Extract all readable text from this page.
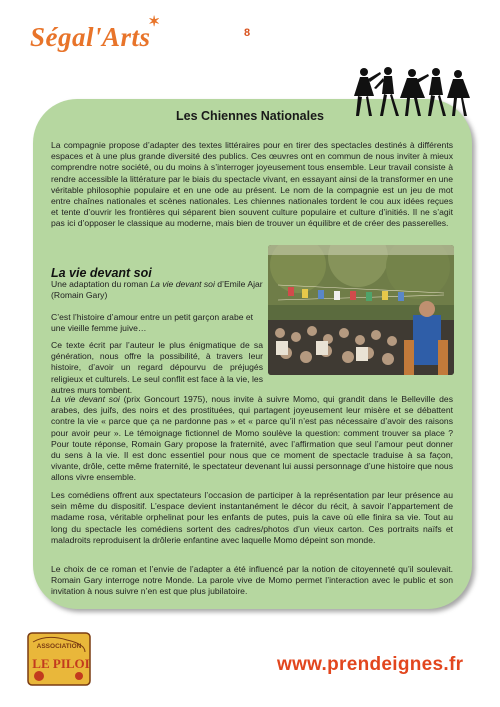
Ségal'Arts
✶
8
Les Chiennes Nationales

La compagnie propose d’adapter des textes littéraires pour en tirer des spectacles destinés à différents espaces et à une plus grande diversité des publics. Ces œuvres ont en commun de nous inviter à mieux comprendre notre société, ou du moins à s’interroger joyeusement tous ensemble. Leur travail consiste à rendre accessible la littérature par le biais du spectacle vivant, en essayant ainsi de la transformer en une véritable philosophie populaire et en une ode au présent. Le nom de la compagnie est un jeu de mot entre chaînes nationales et scènes nationales. Les chiennes nationales tordent le cou aux idées reçues et tente d’ouvrir les frontières qui séparent bien souvent culture populaire et culture d’initiés. Il ne s’agit pas ici d’opposer le classique au moderne, mais bien de trouver un équilibre et de créer des passerelles.

La vie devant soi

Une adaptation du roman La vie devant soi d’Emile Ajar (Romain Gary)

C’est l’histoire d’amour entre un petit garçon arabe et une vieille femme juive…

Ce texte écrit par l’auteur le plus énigmatique de sa génération, nous offre la possibilité, à travers leur histoire, d’avoir un regard dépourvu de préjugés religieux et culturels. Le seul conflit est face à la vie, les autres murs tombent.

La vie devant soi (prix Goncourt 1975), nous invite à suivre Momo, qui grandit dans le Belleville des arabes, des juifs, des noirs et des prostituées, qui partagent joyeusement leur misère et se débattent contre la vie « parce que ça ne pardonne pas » et « parce qu’il n’est pas nécessaire d’avoir des raisons pour avoir peur ». Le témoignage fictionnel de Momo soulève la question: comment trouver sa place ? Pour toute réponse, Romain Gary propose la fraternité, avec l’affirmation que seul l’amour peut donner du sens à la vie. Il est donc essentiel pour nous que ce moment de spectacle traduise à sa façon, vivante, drôle, cette même fraternité, le spectateur devenant lui aussi personnage d’une histoire que nous allons vivre ensemble.

Les comédiens offrent aux spectateurs l’occasion de participer à la représentation par leur présence au sein même du dispositif. L’espace devient instantanément le décor du récit, à savoir l’appartement de madame rosa, véritable orphelinat pour les enfants de putes, puis la cave où elle finira sa vie. Tout au long du spectacle les comédiens sortent des cadres/photos d’un vieux carton. Ces portraits naïfs et maladroits reproduisent la drôlerie enfantine avec laquelle Momo dépeint son monde.

Le choix de ce roman et l’envie de l’adapter a été influencé par la notion de citoyenneté qu’il soulevait. Romain Gary interroge notre Monde. La parole vive de Momo permet l’interaction avec le public et son invitation à nous suivre n’en est que plus jubilatoire.

ASSOCIATION
LE PILOI	www.prendeignes.fr
